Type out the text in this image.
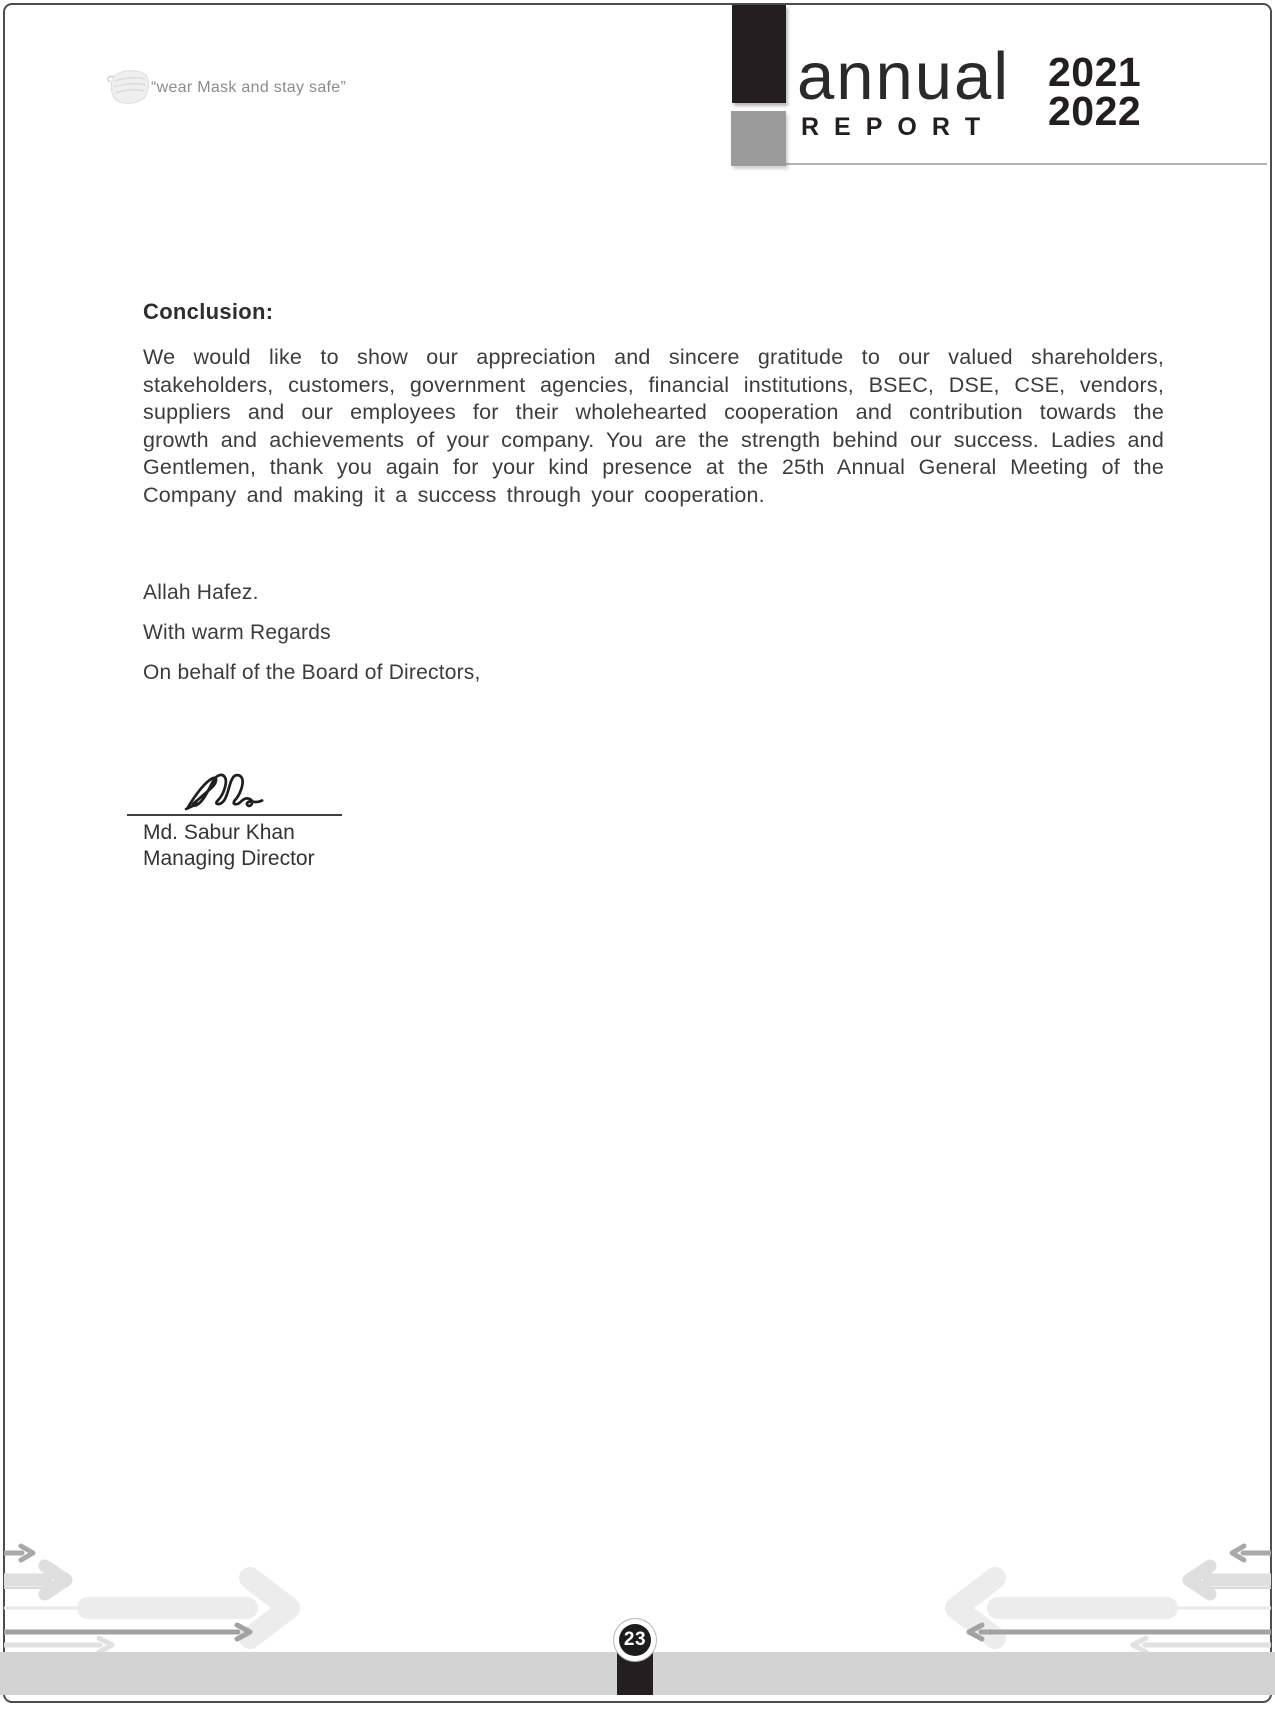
“wear Mask and stay safe”	annual
REPORT
2021
2022
Conclusion:
We would like to show our appreciation and sincere gratitude to our valued shareholders, stakeholders, customers, government agencies, financial institutions, BSEC, DSE, CSE, vendors, suppliers and our employees for their wholehearted cooperation and contribution towards the growth and achievements of your company. You are the strength behind our success. Ladies and Gentlemen, thank you again for your kind presence at the 25th Annual General Meeting of the Company and making it a success through your cooperation.
Allah Hafez.
With warm Regards
On behalf of the Board of Directors,
Md. Sabur Khan
Managing Director
23
